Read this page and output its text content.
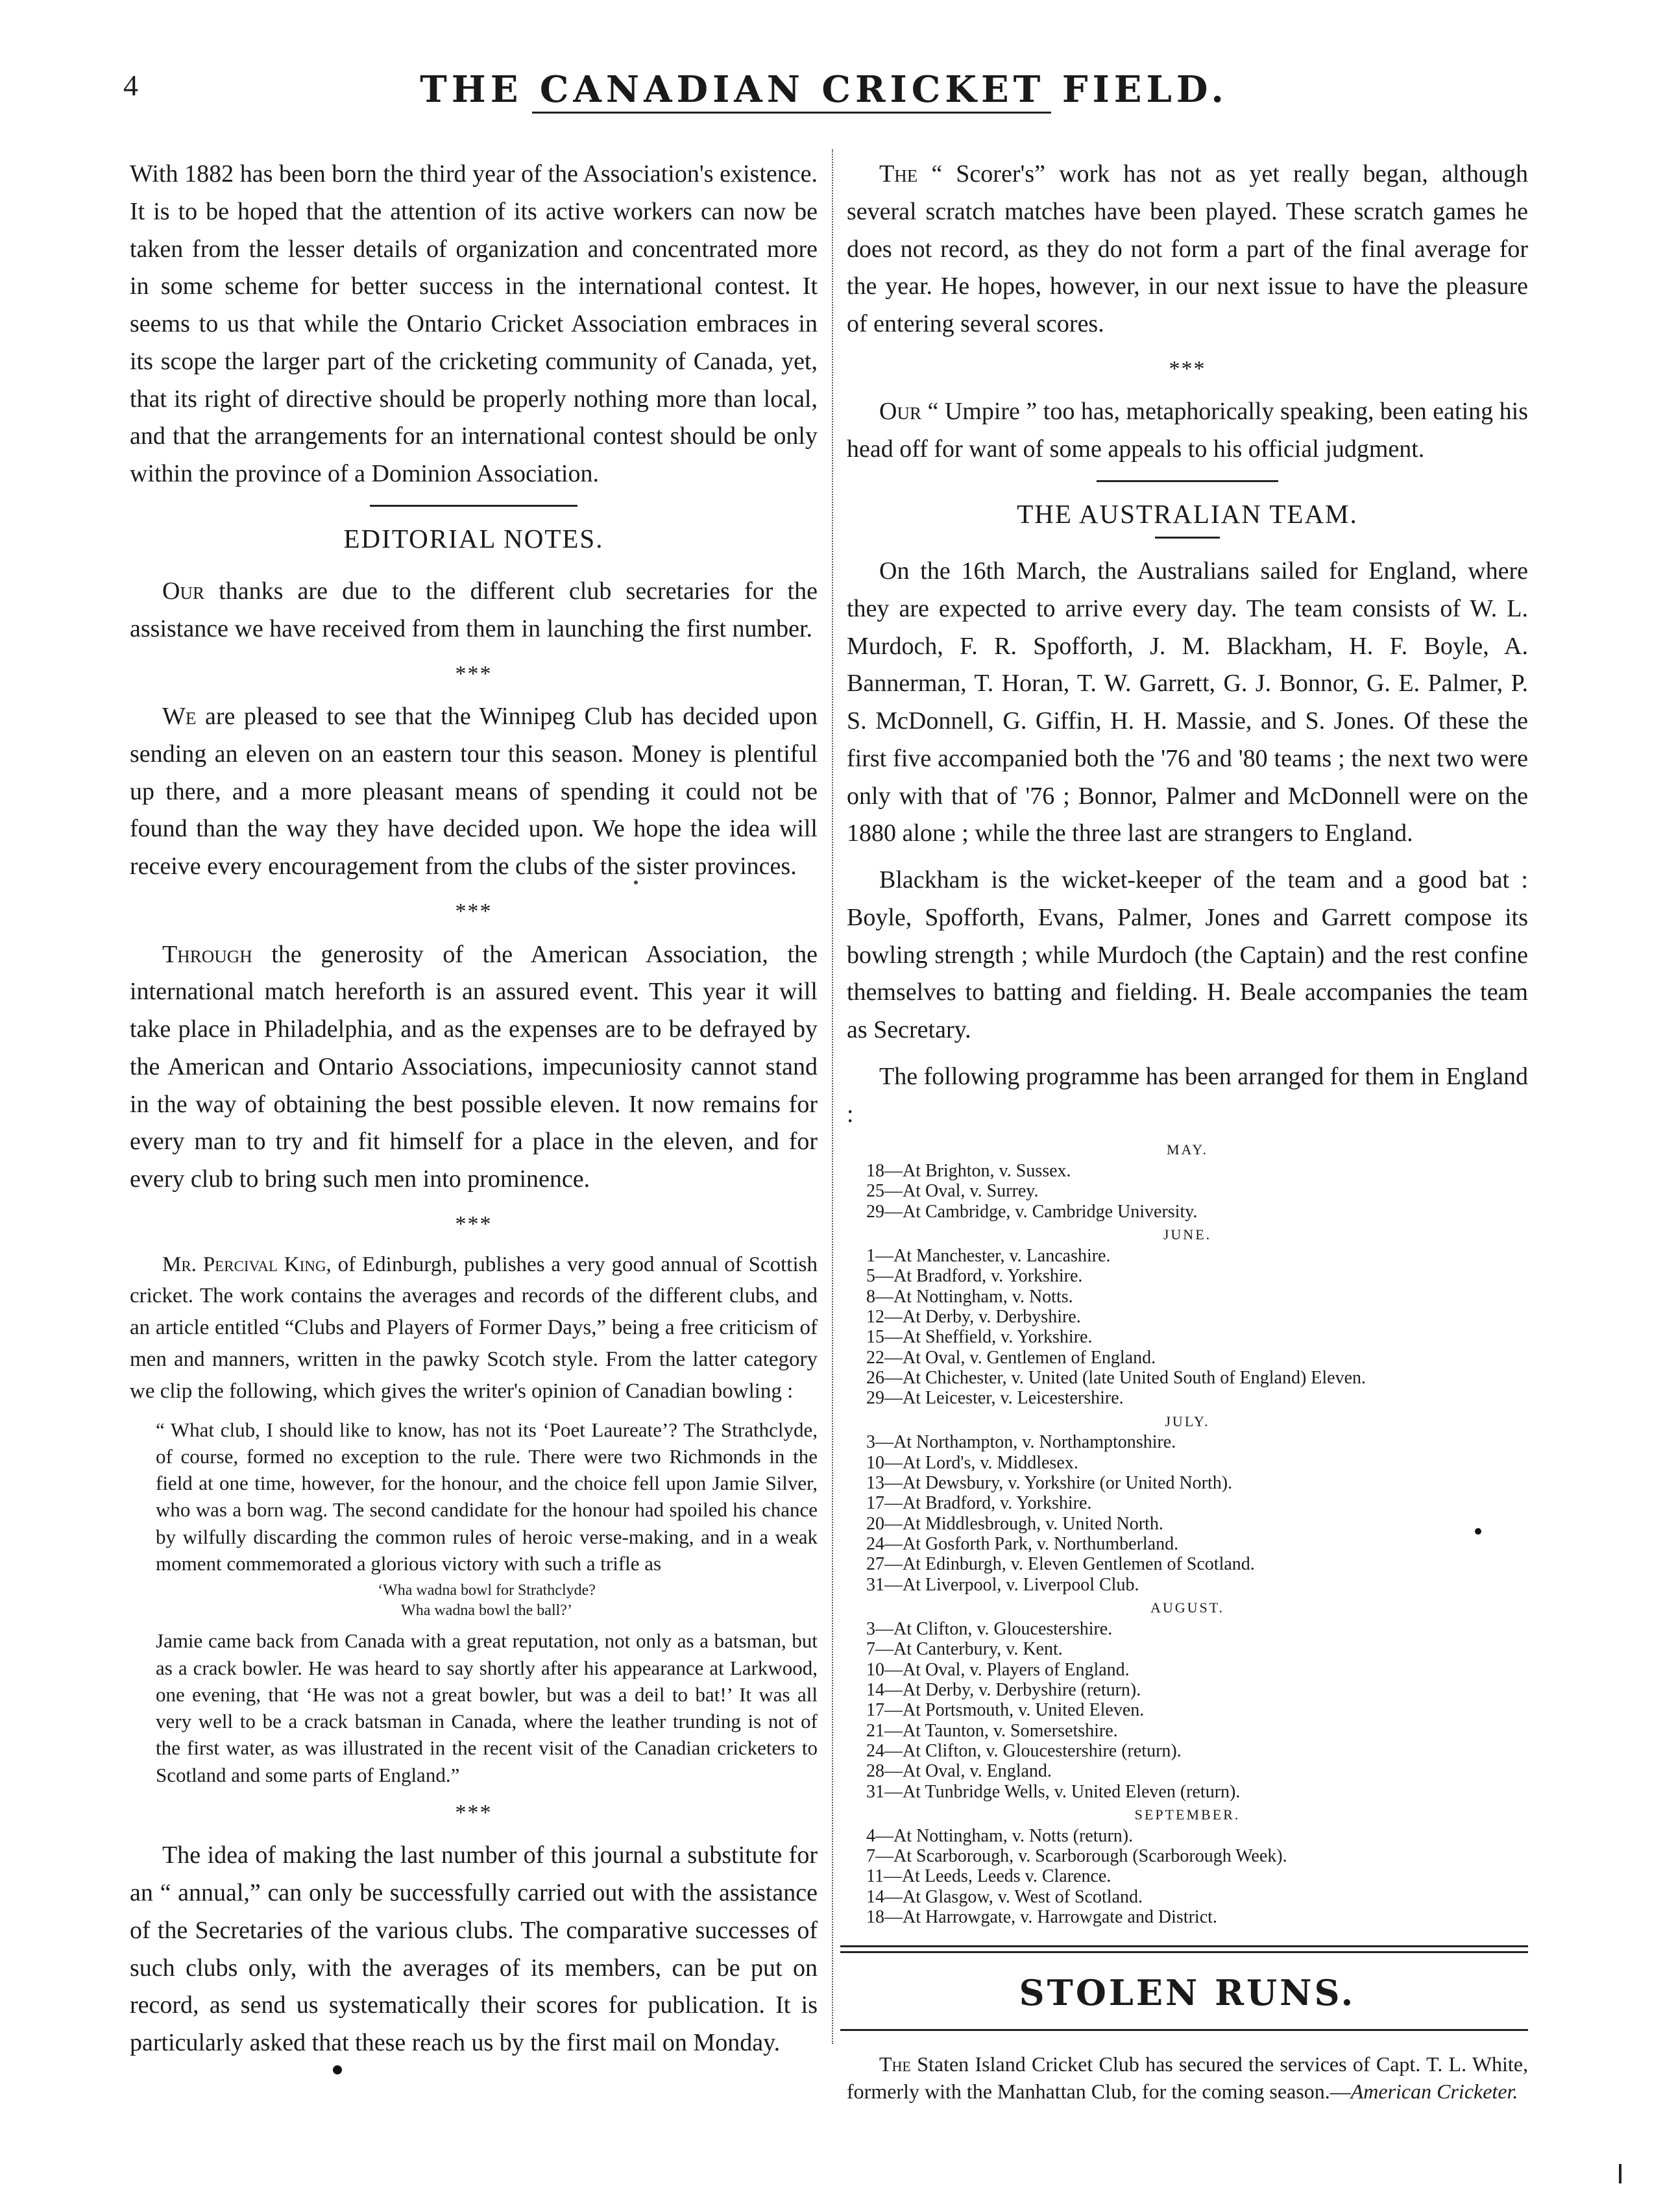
4	THE CANADIAN CRICKET FIELD.

With 1882 has been born the third year of the Association's existence. It is to be hoped that the attention of its active workers can now be taken from the lesser details of organization and concentrated more in some scheme for better success in the international contest. It seems to us that while the Ontario Cricket Association embraces in its scope the larger part of the cricketing community of Canada, yet, that its right of directive should be properly nothing more than local, and that the arrangements for an international contest should be only within the province of a Dominion Association.

EDITORIAL NOTES.

Our thanks are due to the different club secretaries for the assistance we have received from them in launching the first number.

***

We are pleased to see that the Winnipeg Club has decided upon sending an eleven on an eastern tour this season. Money is plentiful up there, and a more pleasant means of spending it could not be found than the way they have decided upon. We hope the idea will receive every encouragement from the clubs of the sister provinces.

***

Through the generosity of the American Association, the international match hereforth is an assured event. This year it will take place in Philadelphia, and as the expenses are to be defrayed by the American and Ontario Associations, impecuniosity cannot stand in the way of obtaining the best possible eleven. It now remains for every man to try and fit himself for a place in the eleven, and for every club to bring such men into prominence.

***

Mr. Percival King, of Edinburgh, publishes a very good annual of Scottish cricket. The work contains the averages and records of the different clubs, and an article entitled “Clubs and Players of Former Days,” being a free criticism of men and manners, written in the pawky Scotch style. From the latter category we clip the following, which gives the writer's opinion of Canadian bowling :

“ What club, I should like to know, has not its ‘Poet Laureate’? The Strathclyde, of course, formed no exception to the rule. There were two Richmonds in the field at one time, however, for the honour, and the choice fell upon Jamie Silver, who was a born wag. The second candidate for the honour had spoiled his chance by wilfully discarding the common rules of heroic verse-making, and in a weak moment commemorated a glorious victory with such a trifle as

‘Wha wadna bowl for Strathclyde?
Wha wadna bowl the ball?’

Jamie came back from Canada with a great reputation, not only as a batsman, but as a crack bowler. He was heard to say shortly after his appearance at Larkwood, one evening, that ‘He was not a great bowler, but was a deil to bat!’ It was all very well to be a crack batsman in Canada, where the leather trunding is not of the first water, as was illustrated in the recent visit of the Canadian cricketers to Scotland and some parts of England.”

***

The idea of making the last number of this journal a substitute for an “ annual,” can only be successfully carried out with the assistance of the Secretaries of the various clubs. The comparative successes of such clubs only, with the averages of its members, can be put on record, as send us systematically their scores for publication. It is particularly asked that these reach us by the first mail on Monday.

The “ Scorer's” work has not as yet really began, although several scratch matches have been played. These scratch games he does not record, as they do not form a part of the final average for the year. He hopes, however, in our next issue to have the pleasure of entering several scores.

***

Our “ Umpire ” too has, metaphorically speaking, been eating his head off for want of some appeals to his official judgment.

THE AUSTRALIAN TEAM.

On the 16th March, the Australians sailed for England, where they are expected to arrive every day. The team consists of W. L. Murdoch, F. R. Spofforth, J. M. Blackham, H. F. Boyle, A. Bannerman, T. Horan, T. W. Garrett, G. J. Bonnor, G. E. Palmer, P. S. McDonnell, G. Giffin, H. H. Massie, and S. Jones. Of these the first five accompanied both the '76 and '80 teams ; the next two were only with that of '76 ; Bonnor, Palmer and McDonnell were on the 1880 alone ; while the three last are strangers to England.

Blackham is the wicket-keeper of the team and a good bat : Boyle, Spofforth, Evans, Palmer, Jones and Garrett compose its bowling strength ; while Murdoch (the Captain) and the rest confine themselves to batting and fielding. H. Beale accompanies the team as Secretary.

The following programme has been arranged for them in England :

MAY.
18—At Brighton, v. Sussex.
25—At Oval, v. Surrey.
29—At Cambridge, v. Cambridge University.
JUNE.
1—At Manchester, v. Lancashire.
5—At Bradford, v. Yorkshire.
8—At Nottingham, v. Notts.
12—At Derby, v. Derbyshire.
15—At Sheffield, v. Yorkshire.
22—At Oval, v. Gentlemen of England.
26—At Chichester, v. United (late United South of England) Eleven.
29—At Leicester, v. Leicestershire.
JULY.
3—At Northampton, v. Northamptonshire.
10—At Lord's, v. Middlesex.
13—At Dewsbury, v. Yorkshire (or United North).
17—At Bradford, v. Yorkshire.
20—At Middlesbrough, v. United North.
24—At Gosforth Park, v. Northumberland.
27—At Edinburgh, v. Eleven Gentlemen of Scotland.
31—At Liverpool, v. Liverpool Club.
AUGUST.
3—At Clifton, v. Gloucestershire.
7—At Canterbury, v. Kent.
10—At Oval, v. Players of England.
14—At Derby, v. Derbyshire (return).
17—At Portsmouth, v. United Eleven.
21—At Taunton, v. Somersetshire.
24—At Clifton, v. Gloucestershire (return).
28—At Oval, v. England.
31—At Tunbridge Wells, v. United Eleven (return).
SEPTEMBER.
4—At Nottingham, v. Notts (return).
7—At Scarborough, v. Scarborough (Scarborough Week).
11—At Leeds, Leeds v. Clarence.
14—At Glasgow, v. West of Scotland.
18—At Harrowgate, v. Harrowgate and District.
STOLEN RUNS.

The Staten Island Cricket Club has secured the services of Capt. T. L. White, formerly with the Manhattan Club, for the coming season.—American Cricketer.
